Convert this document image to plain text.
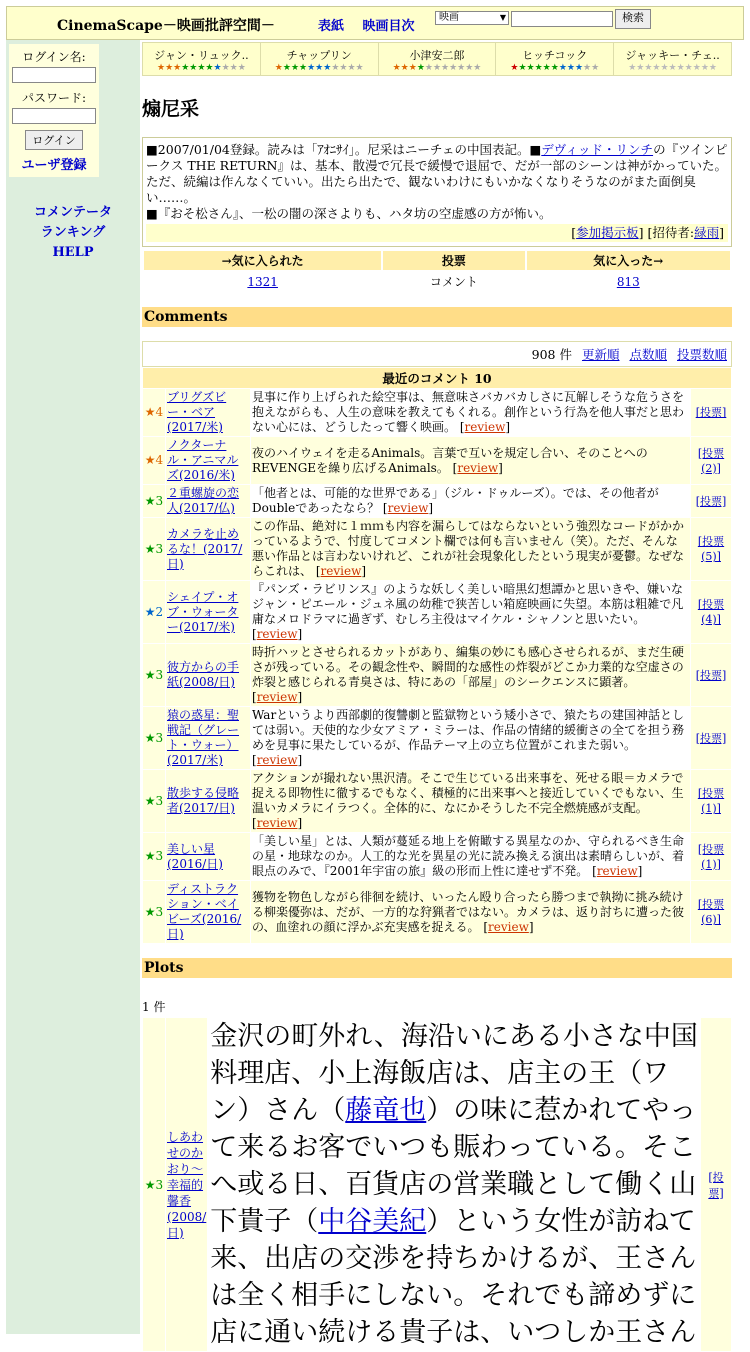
CinemaScape－映画批評空間－	表紙 映画目次
映画 ▼	検索
ログイン名:
パスワード:
ログイン
ユーザ登録
コメンテータ
ランキング
HELP
ジャン・リュック..
★★★★★★★★★★★
チャップリン
★★★★★★★★★★★
小津安二郎
★★★★★★★★★★★
ヒッチコック
★★★★★★★★★★★
ジャッキー・チェ..
★★★★★★★★★★★
煽尼采
■2007/01/04登録。読みは「ｱｵﾆｻｲ」。尼采はニーチェの中国表記。■デヴィッド・リンチの『ツインピークス THE RETURN』は、基本、散漫で冗長で緩慢で退屈で、だが一部のシーンは神がかっていた。ただ、続編は作んなくていい。出たら出たで、観ないわけにもいかなくなりそうなのがまた面倒臭い……。
■『おそ松さん』、一松の闇の深さよりも、ハタ坊の空虚感の方が怖い。
[参加掲示板] [招待者:緑雨]
→気に入られた	投票	気に入った→
1321	コメント	813
Comments
908 件 更新順 点数順 投票数順
最近のコメント 10			
★4	ブリグズビー・ベア(2017/米)	見事に作り上げられた絵空事は、無意味さバカバカしさに瓦解しそうな危うさを抱えながらも、人生の意味を教えてもくれる。創作という行為を他人事だと思わない心には、どうしたって響く映画。 [review]	[投票]
★4	ノクターナル・アニマルズ(2016/米)	夜のハイウェイを走るAnimals。言葉で互いを規定し合い、そのことへのREVENGEを繰り広げるAnimals。 [review]	[投票(2)]
★3	２重螺旋の恋人(2017/仏)	「他者とは、可能的な世界である」（ジル・ドゥルーズ）。では、その他者がDoubleであったなら？ [review]	[投票]
★3	カメラを止めるな！(2017/日)	この作品、絶対に１ｍｍも内容を漏らしてはならないという強烈なコードがかかっているようで、忖度してコメント欄では何も言いません（笑）。ただ、そんな悪い作品とは言わないけれど、これが社会現象化したという現実が憂鬱。なぜならこれは、 [review]	[投票(5)]
★2	シェイプ・オブ・ウォーター(2017/米)	『パンズ・ラビリンス』のような妖しく美しい暗黒幻想譚かと思いきや、嫌いなジャン・ピエール・ジュネ風の幼稚で狭苦しい箱庭映画に失望。本筋は粗雑で凡庸なメロドラマに過ぎず、むしろ主役はマイケル・シャノンと思いたい。 [review]	[投票(4)]
★3	彼方からの手紙(2008/日)	時折ハッとさせられるカットがあり、編集の妙にも感心させられるが、まだ生硬さが残っている。その観念性や、瞬間的な感性の炸裂がどこか力業的な空虚さの炸裂と感じられる青臭さは、特にあの「部屋」のシークエンスに顕著。 [review]	[投票]
★3	猿の惑星：聖戦記（グレート・ウォー）(2017/米)	Warというより西部劇的復讐劇と監獄物という矮小さで、猿たちの建国神話としては弱い。天使的な少女アミア・ミラーは、作品の情緒的緩衝さの全てを担う務めを見事に果たしているが、作品テーマ上の立ち位置がこれまた弱い。 [review]	[投票]
★3	散歩する侵略者(2017/日)	アクションが撮れない黒沢清。そこで生じている出来事を、死せる眼＝カメラで捉える即物性に徹するでもなく、積極的に出来事へと接近していくでもない、生温いカメラにイラつく。全体的に、なにかそうした不完全燃焼感が支配。 [review]	[投票(1)]
★3	美しい星(2016/日)	「美しい星」とは、人類が蔓延る地上を俯瞰する異星なのか、守られるべき生命の星・地球なのか。人工的な光を異星の光に読み換える演出は素晴らしいが、着眼点のみで、『2001年宇宙の旅』級の形而上性に達せず不発。 [review]	[投票(1)]
★3	ディストラクション・ベイビーズ(2016/日)	獲物を物色しながら徘徊を続け、いったん殴り合ったら勝つまで執拗に挑み続ける柳楽優弥は、だが、一方的な狩猟者ではない。カメラは、返り討ちに遭った彼の、血塗れの顔に浮かぶ充実感を捉える。 [review]	[投票(6)]
Plots
1 件
★3	しあわせのかおり～幸福的馨香(2008/日)	金沢の町外れ、海沿いにある小さな中国料理店、小上海飯店は、店主の王（ワン）さん（藤竜也）の味に惹かれてやって来るお客でいつも賑わっている。そこへ或る日、百貨店の営業職として働く山下貴子（中谷美紀）という女性が訪ねて来、出店の交渉を持ちかけるが、王さんは全く相手にしない。それでも諦めずに店に通い続ける貴子は、いつしか王さん	[投票]
